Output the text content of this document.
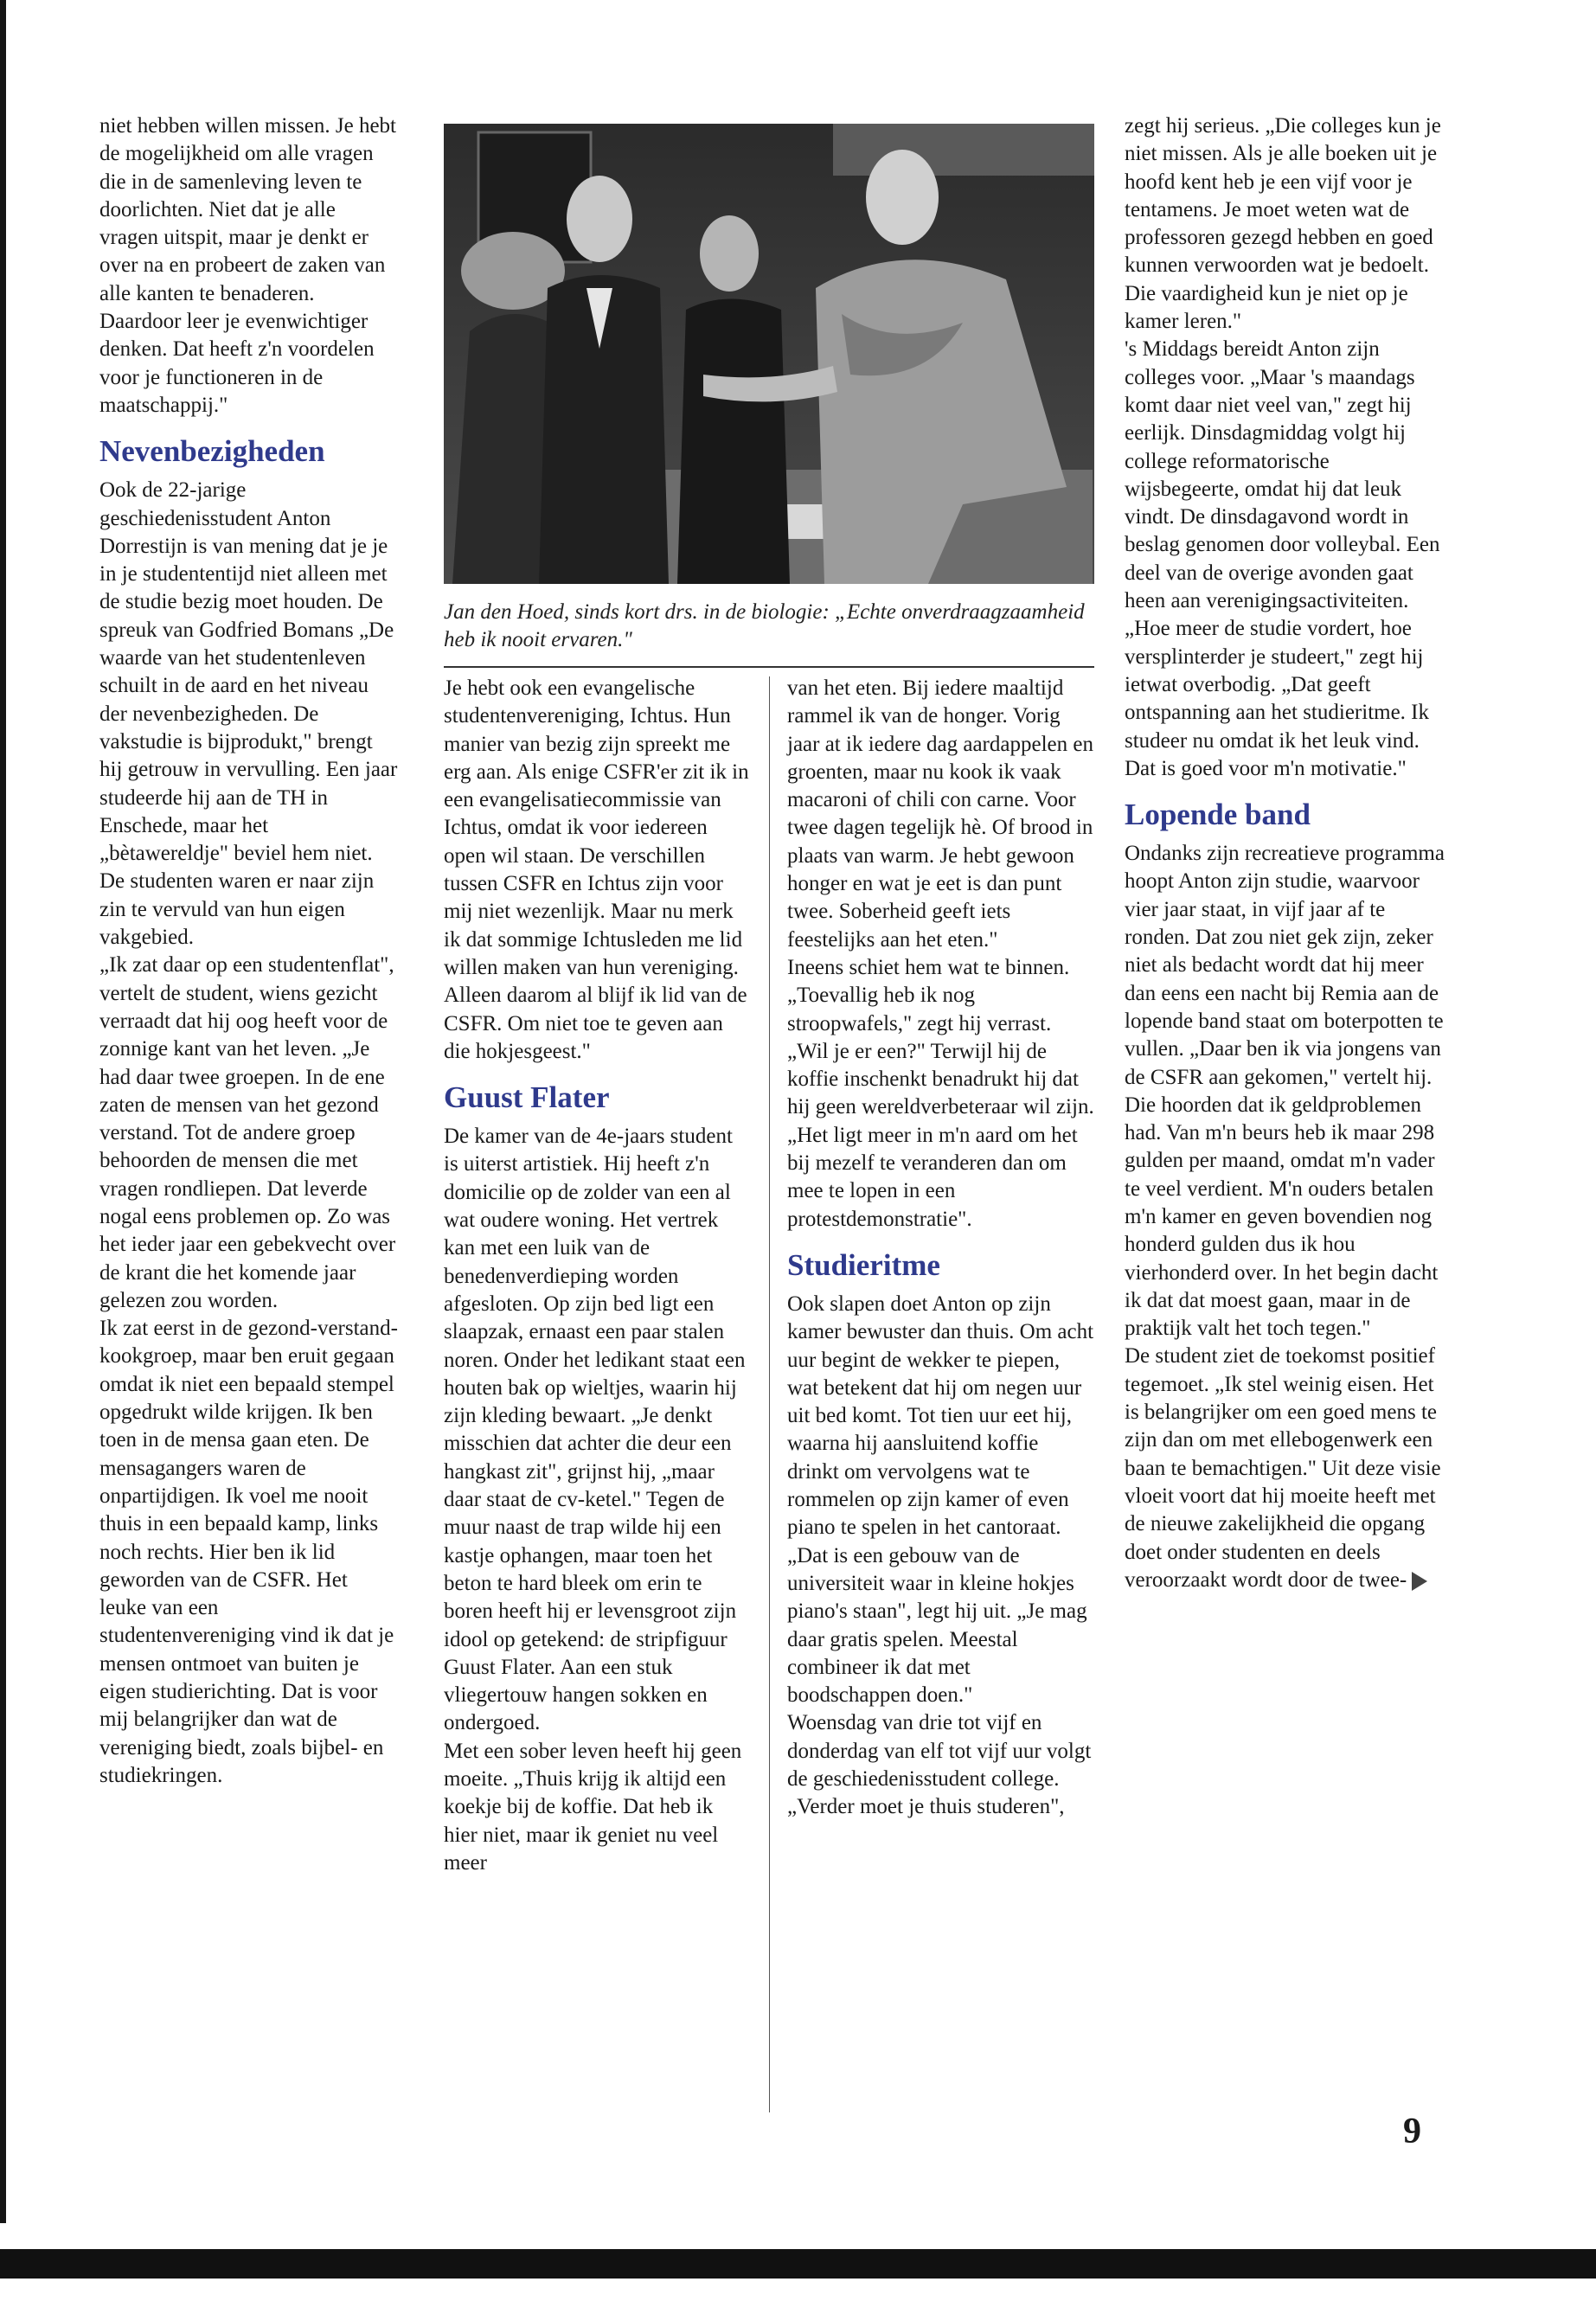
niet hebben willen missen. Je hebt de mogelijkheid om alle vragen die in de samenleving leven te doorlichten. Niet dat je alle vragen uitspit, maar je denkt er over na en probeert de zaken van alle kanten te benaderen. Daardoor leer je evenwichtiger denken. Dat heeft z'n voordelen voor je functioneren in de maatschappij."

Nevenbezigheden

Ook de 22-jarige geschiedenisstudent Anton Dorrestijn is van mening dat je je in je studententijd niet alleen met de studie bezig moet houden. De spreuk van Godfried Bomans „De waarde van het studentenleven schuilt in de aard en het niveau der nevenbezigheden. De vakstudie is bijprodukt," brengt hij getrouw in vervulling. Een jaar studeerde hij aan de TH in Enschede, maar het „bètawereldje" beviel hem niet. De studenten waren er naar zijn zin te vervuld van hun eigen vakgebied.

„Ik zat daar op een studentenflat", vertelt de student, wiens gezicht verraadt dat hij oog heeft voor de zonnige kant van het leven. „Je had daar twee groepen. In de ene zaten de mensen van het gezond verstand. Tot de andere groep behoorden de mensen die met vragen rondliepen. Dat leverde nogal eens problemen op. Zo was het ieder jaar een gebekvecht over de krant die het komende jaar gelezen zou worden.

Ik zat eerst in de gezond-verstand-kookgroep, maar ben eruit gegaan omdat ik niet een bepaald stempel opgedrukt wilde krijgen. Ik ben toen in de mensa gaan eten. De mensagangers waren de onpartijdigen. Ik voel me nooit thuis in een bepaald kamp, links noch rechts. Hier ben ik lid geworden van de CSFR. Het leuke van een studentenvereniging vind ik dat je mensen ontmoet van buiten je eigen studierichting. Dat is voor mij belangrijker dan wat de vereniging biedt, zoals bijbel- en studiekringen.

Jan den Hoed, sinds kort drs. in de biologie: „Echte onverdraagzaamheid heb ik nooit ervaren."

Je hebt ook een evangelische studentenvereniging, Ichtus. Hun manier van bezig zijn spreekt me erg aan. Als enige CSFR'er zit ik in een evangelisatiecommissie van Ichtus, omdat ik voor iedereen open wil staan. De verschillen tussen CSFR en Ichtus zijn voor mij niet wezenlijk. Maar nu merk ik dat sommige Ichtusleden me lid willen maken van hun vereniging. Alleen daarom al blijf ik lid van de CSFR. Om niet toe te geven aan die hokjesgeest."

Guust Flater

De kamer van de 4e-jaars student is uiterst artistiek. Hij heeft z'n domicilie op de zolder van een al wat oudere woning. Het vertrek kan met een luik van de benedenverdieping worden afgesloten. Op zijn bed ligt een slaapzak, ernaast een paar stalen noren. Onder het ledikant staat een houten bak op wieltjes, waarin hij zijn kleding bewaart. „Je denkt misschien dat achter die deur een hangkast zit", grijnst hij, „maar daar staat de cv-ketel." Tegen de muur naast de trap wilde hij een kastje ophangen, maar toen het beton te hard bleek om erin te boren heeft hij er levensgroot zijn idool op getekend: de stripfiguur Guust Flater. Aan een stuk vliegertouw hangen sokken en ondergoed.

Met een sober leven heeft hij geen moeite. „Thuis krijg ik altijd een koekje bij de koffie. Dat heb ik hier niet, maar ik geniet nu veel meer

van het eten. Bij iedere maaltijd rammel ik van de honger. Vorig jaar at ik iedere dag aardappelen en groenten, maar nu kook ik vaak macaroni of chili con carne. Voor twee dagen tegelijk hè. Of brood in plaats van warm. Je hebt gewoon honger en wat je eet is dan punt twee. Soberheid geeft iets feestelijks aan het eten."

Ineens schiet hem wat te binnen. „Toevallig heb ik nog stroopwafels," zegt hij verrast. „Wil je er een?" Terwijl hij de koffie inschenkt benadrukt hij dat hij geen wereldverbeteraar wil zijn. „Het ligt meer in m'n aard om het bij mezelf te veranderen dan om mee te lopen in een protestdemonstratie".

Studieritme

Ook slapen doet Anton op zijn kamer bewuster dan thuis. Om acht uur begint de wekker te piepen, wat betekent dat hij om negen uur uit bed komt. Tot tien uur eet hij, waarna hij aansluitend koffie drinkt om vervolgens wat te rommelen op zijn kamer of even piano te spelen in het cantoraat. „Dat is een gebouw van de universiteit waar in kleine hokjes piano's staan", legt hij uit. „Je mag daar gratis spelen. Meestal combineer ik dat met boodschappen doen."

Woensdag van drie tot vijf en donderdag van elf tot vijf uur volgt de geschiedenisstudent college. „Verder moet je thuis studeren",

zegt hij serieus. „Die colleges kun je niet missen. Als je alle boeken uit je hoofd kent heb je een vijf voor je tentamens. Je moet weten wat de professoren gezegd hebben en goed kunnen verwoorden wat je bedoelt. Die vaardigheid kun je niet op je kamer leren."

's Middags bereidt Anton zijn colleges voor. „Maar 's maandags komt daar niet veel van," zegt hij eerlijk. Dinsdagmiddag volgt hij college reformatorische wijsbegeerte, omdat hij dat leuk vindt. De dinsdagavond wordt in beslag genomen door volleybal. Een deel van de overige avonden gaat heen aan verenigingsactiviteiten. „Hoe meer de studie vordert, hoe versplinterder je studeert," zegt hij ietwat overbodig. „Dat geeft ontspanning aan het studieritme. Ik studeer nu omdat ik het leuk vind. Dat is goed voor m'n motivatie."

Lopende band

Ondanks zijn recreatieve programma hoopt Anton zijn studie, waarvoor vier jaar staat, in vijf jaar af te ronden. Dat zou niet gek zijn, zeker niet als bedacht wordt dat hij meer dan eens een nacht bij Remia aan de lopende band staat om boterpotten te vullen. „Daar ben ik via jongens van de CSFR aan gekomen," vertelt hij. Die hoorden dat ik geldproblemen had. Van m'n beurs heb ik maar 298 gulden per maand, omdat m'n vader te veel verdient. M'n ouders betalen m'n kamer en geven bovendien nog honderd gulden dus ik hou vierhonderd over. In het begin dacht ik dat dat moest gaan, maar in de praktijk valt het toch tegen."

De student ziet de toekomst positief tegemoet. „Ik stel weinig eisen. Het is belangrijker om een goed mens te zijn dan om met ellebogenwerk een baan te bemachtigen." Uit deze visie vloeit voort dat hij moeite heeft met de nieuwe zakelijkheid die opgang doet onder studenten en deels veroorzaakt wordt door de twee-

9
